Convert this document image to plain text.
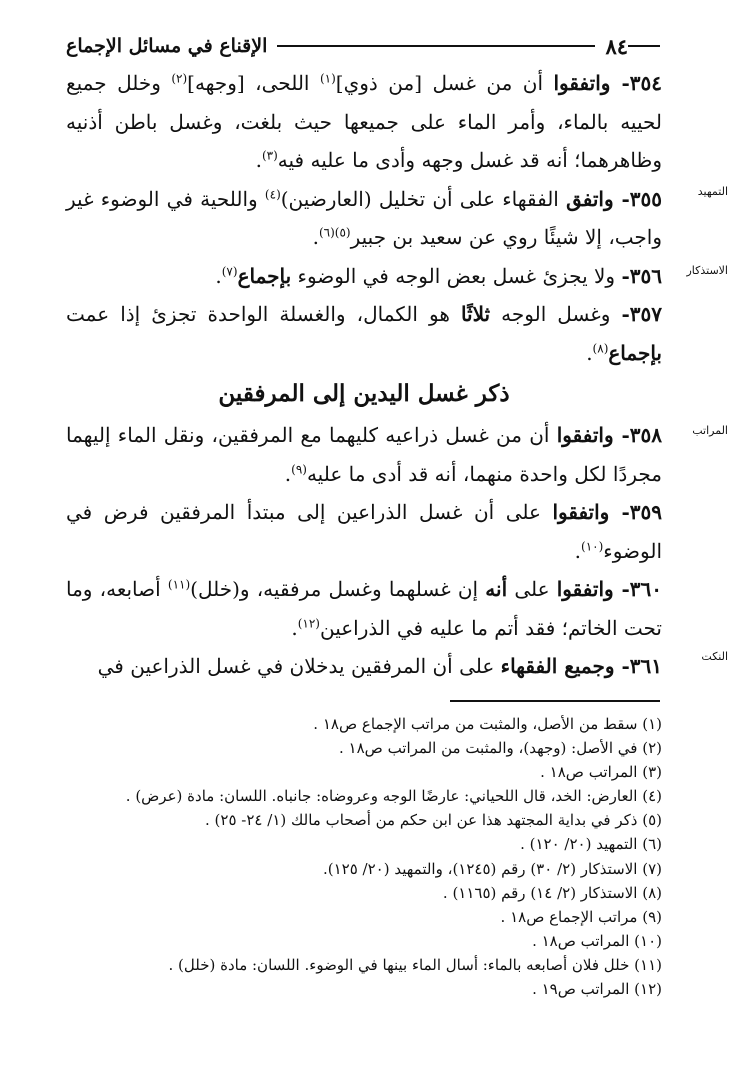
٨٤
الإقناع في مسائل الإجماع
التمهيد
الاستذكار
المراتب
النكت

٣٥٤- واتفقوا أن من غسل [من ذوي]$^{(١)}$ اللحى، [وجهه]$^{(٢)}$ وخلل جميع لحييه بالماء، وأمر الماء على جميعها حيث بلغت، وغسل باطن أذنيه وظاهرهما؛ أنه قد غسل وجهه وأدى ما عليه فيه$^{(٣)}$.

٣٥٥- واتفق الفقهاء على أن تخليل (العارضين)$^{(٤)}$ واللحية في الوضوء غير واجب، إلا شيئًا روي عن سعيد بن جبير$^{(٥)(٦)}$.

٣٥٦- ولا يجزئ غسل بعض الوجه في الوضوء بإجماع$^{(٧)}$.

٣٥٧- وغسل الوجه ثلاثًا هو الكمال، والغسلة الواحدة تجزئ إذا عمت بإجماع$^{(٨)}$.

ذكر غسل اليدين إلى المرفقين

٣٥٨- واتفقوا أن من غسل ذراعيه كليهما مع المرفقين، ونقل الماء إليهما مجردًا لكل واحدة منهما، أنه قد أدى ما عليه$^{(٩)}$.

٣٥٩- واتفقوا على أن غسل الذراعين إلى مبتدأ المرفقين فرض في الوضوء$^{(١٠)}$.

٣٦٠- واتفقوا على أنه إن غسلهما وغسل مرفقيه، و(خلل)$^{(١١)}$ أصابعه، وما تحت الخاتم؛ فقد أتم ما عليه في الذراعين$^{(١٢)}$.

٣٦١- وجميع الفقهاء على أن المرفقين يدخلان في غسل الذراعين في

(١) سقط من الأصل، والمثبت من مراتب الإجماع ص١٨ .

(٢) في الأصل: (وجهد)، والمثبت من المراتب ص١٨ .

(٣) المراتب ص١٨ .

(٤) العارض: الخد، قال اللحياني: عارضًا الوجه وعروضاه: جانباه. اللسان: مادة (عرض) .

(٥) ذكر في بداية المجتهد هذا عن ابن حكم من أصحاب مالك (١/ ٢٤- ٢٥) .

(٦) التمهيد (٢٠/ ١٢٠) .

(٧) الاستذكار (٢/ ٣٠) رقم (١٢٤٥)، والتمهيد (٢٠/ ١٢٥).

(٨) الاستذكار (٢/ ١٤) رقم (١١٦٥) .

(٩) مراتب الإجماع ص١٨ .

(١٠) المراتب ص١٨ .

(١١) خلل فلان أصابعه بالماء: أسال الماء بينها في الوضوء. اللسان: مادة (خلل) .

(١٢) المراتب ص١٩ .
